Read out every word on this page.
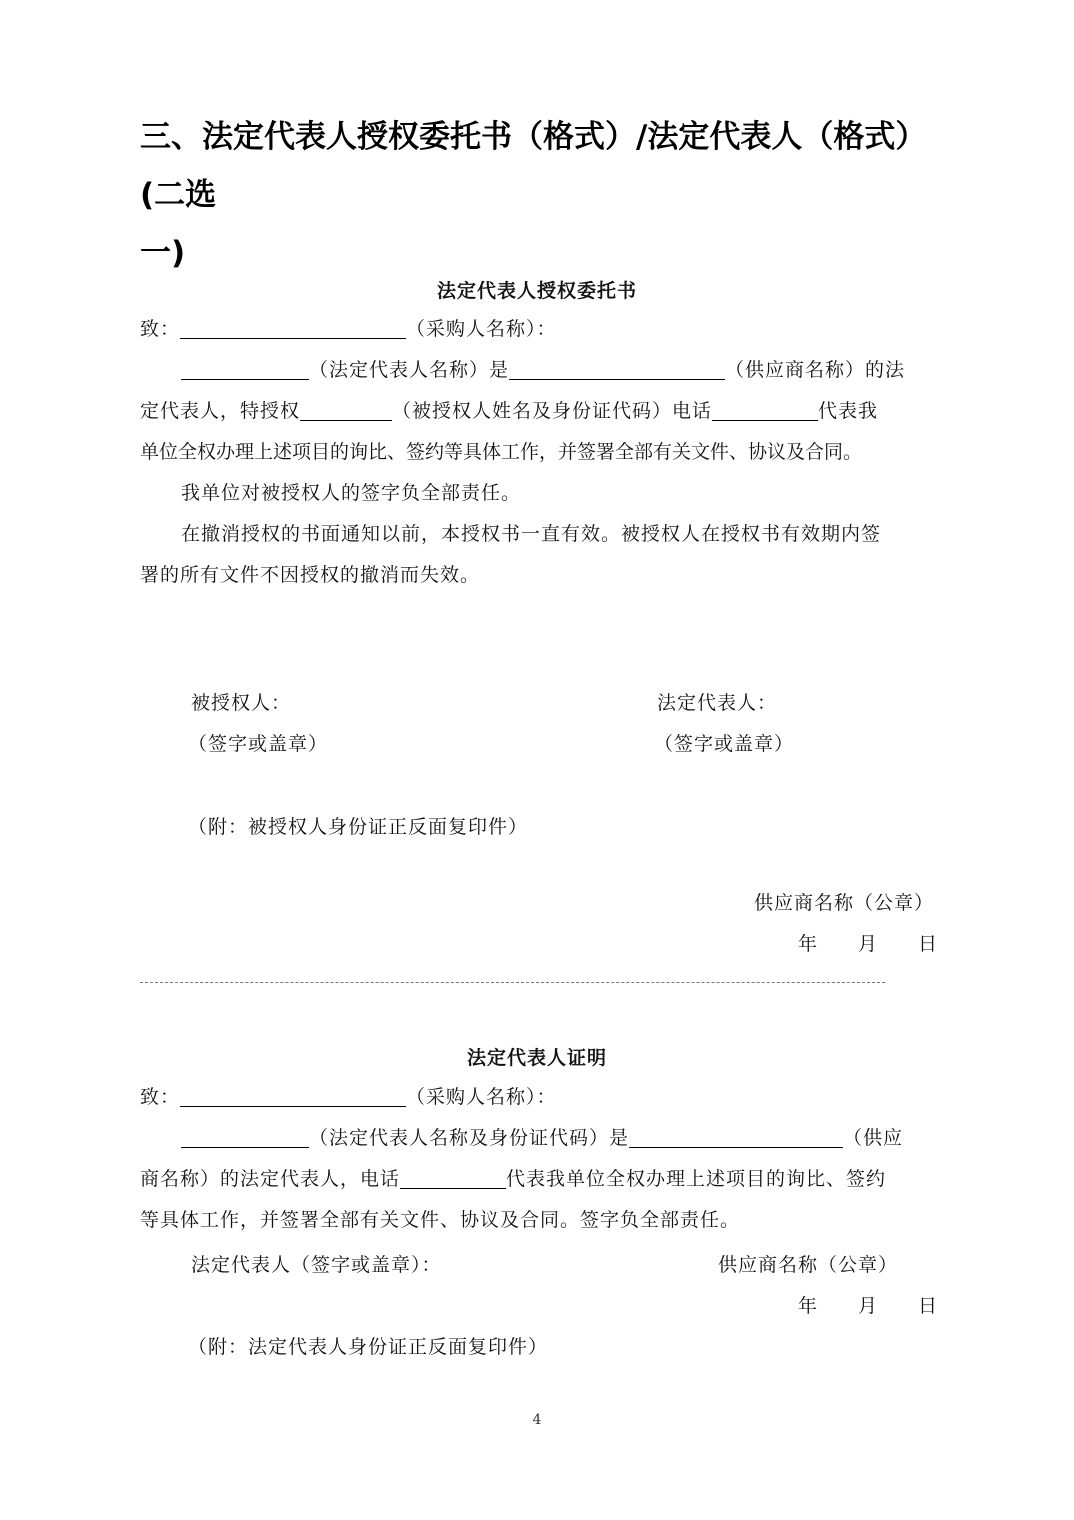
三、法定代表人授权委托书（格式）/法定代表人（格式）(二选
一)
法定代表人授权委托书
致：	（采购人名称）：
（法定代表人名称）是	（供应商名称）的法
定代表人，特授权	（被授权人姓名及身份证代码）电话	代表我
单位全权办理上述项目的询比、签约等具体工作，并签署全部有关文件、协议及合同。
我单位对被授权人的签字负全部责任。
在撤消授权的书面通知以前，本授权书一直有效。被授权人在授权书有效期内签
署的所有文件不因授权的撤消而失效。
被授权人：	法定代表人：
（签字或盖章）	（签字或盖章）
（附：被授权人身份证正反面复印件）
供应商名称（公章）
年　　月　　日
法定代表人证明
致：	（采购人名称）：
（法定代表人名称及身份证代码）是	（供应
商名称）的法定代表人，电话	代表我单位全权办理上述项目的询比、签约
等具体工作，并签署全部有关文件、协议及合同。签字负全部责任。
法定代表人（签字或盖章）：	供应商名称（公章）
年　　月　　日
（附：法定代表人身份证正反面复印件）
4
